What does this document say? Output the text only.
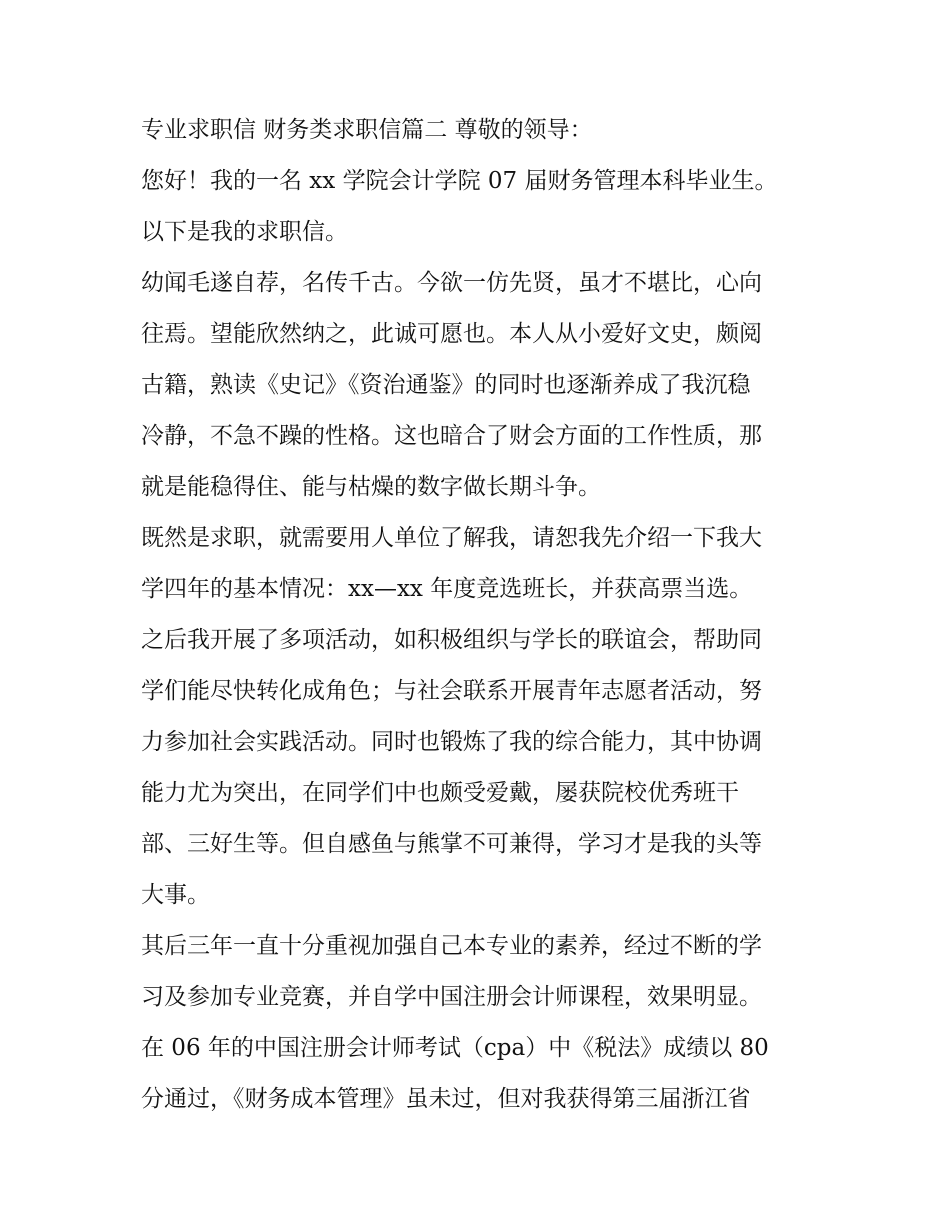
专业求职信 财务类求职信篇二 尊敬的领导：
您好！我的一名 xx 学院会计学院 07 届财务管理本科毕业生。
以下是我的求职信。
幼闻毛遂自荐，名传千古。今欲一仿先贤，虽才不堪比，心向
往焉。望能欣然纳之，此诚可愿也。本人从小爱好文史，颇阅
古籍，熟读《史记》《资治通鉴》的同时也逐渐养成了我沉稳
冷静，不急不躁的性格。这也暗合了财会方面的工作性质，那
就是能稳得住、能与枯燥的数字做长期斗争。
既然是求职，就需要用人单位了解我，请恕我先介绍一下我大
学四年的基本情况：xx—xx 年度竞选班长，并获高票当选。
之后我开展了多项活动，如积极组织与学长的联谊会，帮助同
学们能尽快转化成角色；与社会联系开展青年志愿者活动，努
力参加社会实践活动。同时也锻炼了我的综合能力，其中协调
能力尤为突出，在同学们中也颇受爱戴，屡获院校优秀班干
部、三好生等。但自感鱼与熊掌不可兼得，学习才是我的头等
大事。
其后三年一直十分重视加强自己本专业的素养，经过不断的学
习及参加专业竞赛，并自学中国注册会计师课程，效果明显。
在 06 年的中国注册会计师考试（cpa）中《税法》成绩以 80
分通过，《财务成本管理》虽未过，但对我获得第三届浙江省
